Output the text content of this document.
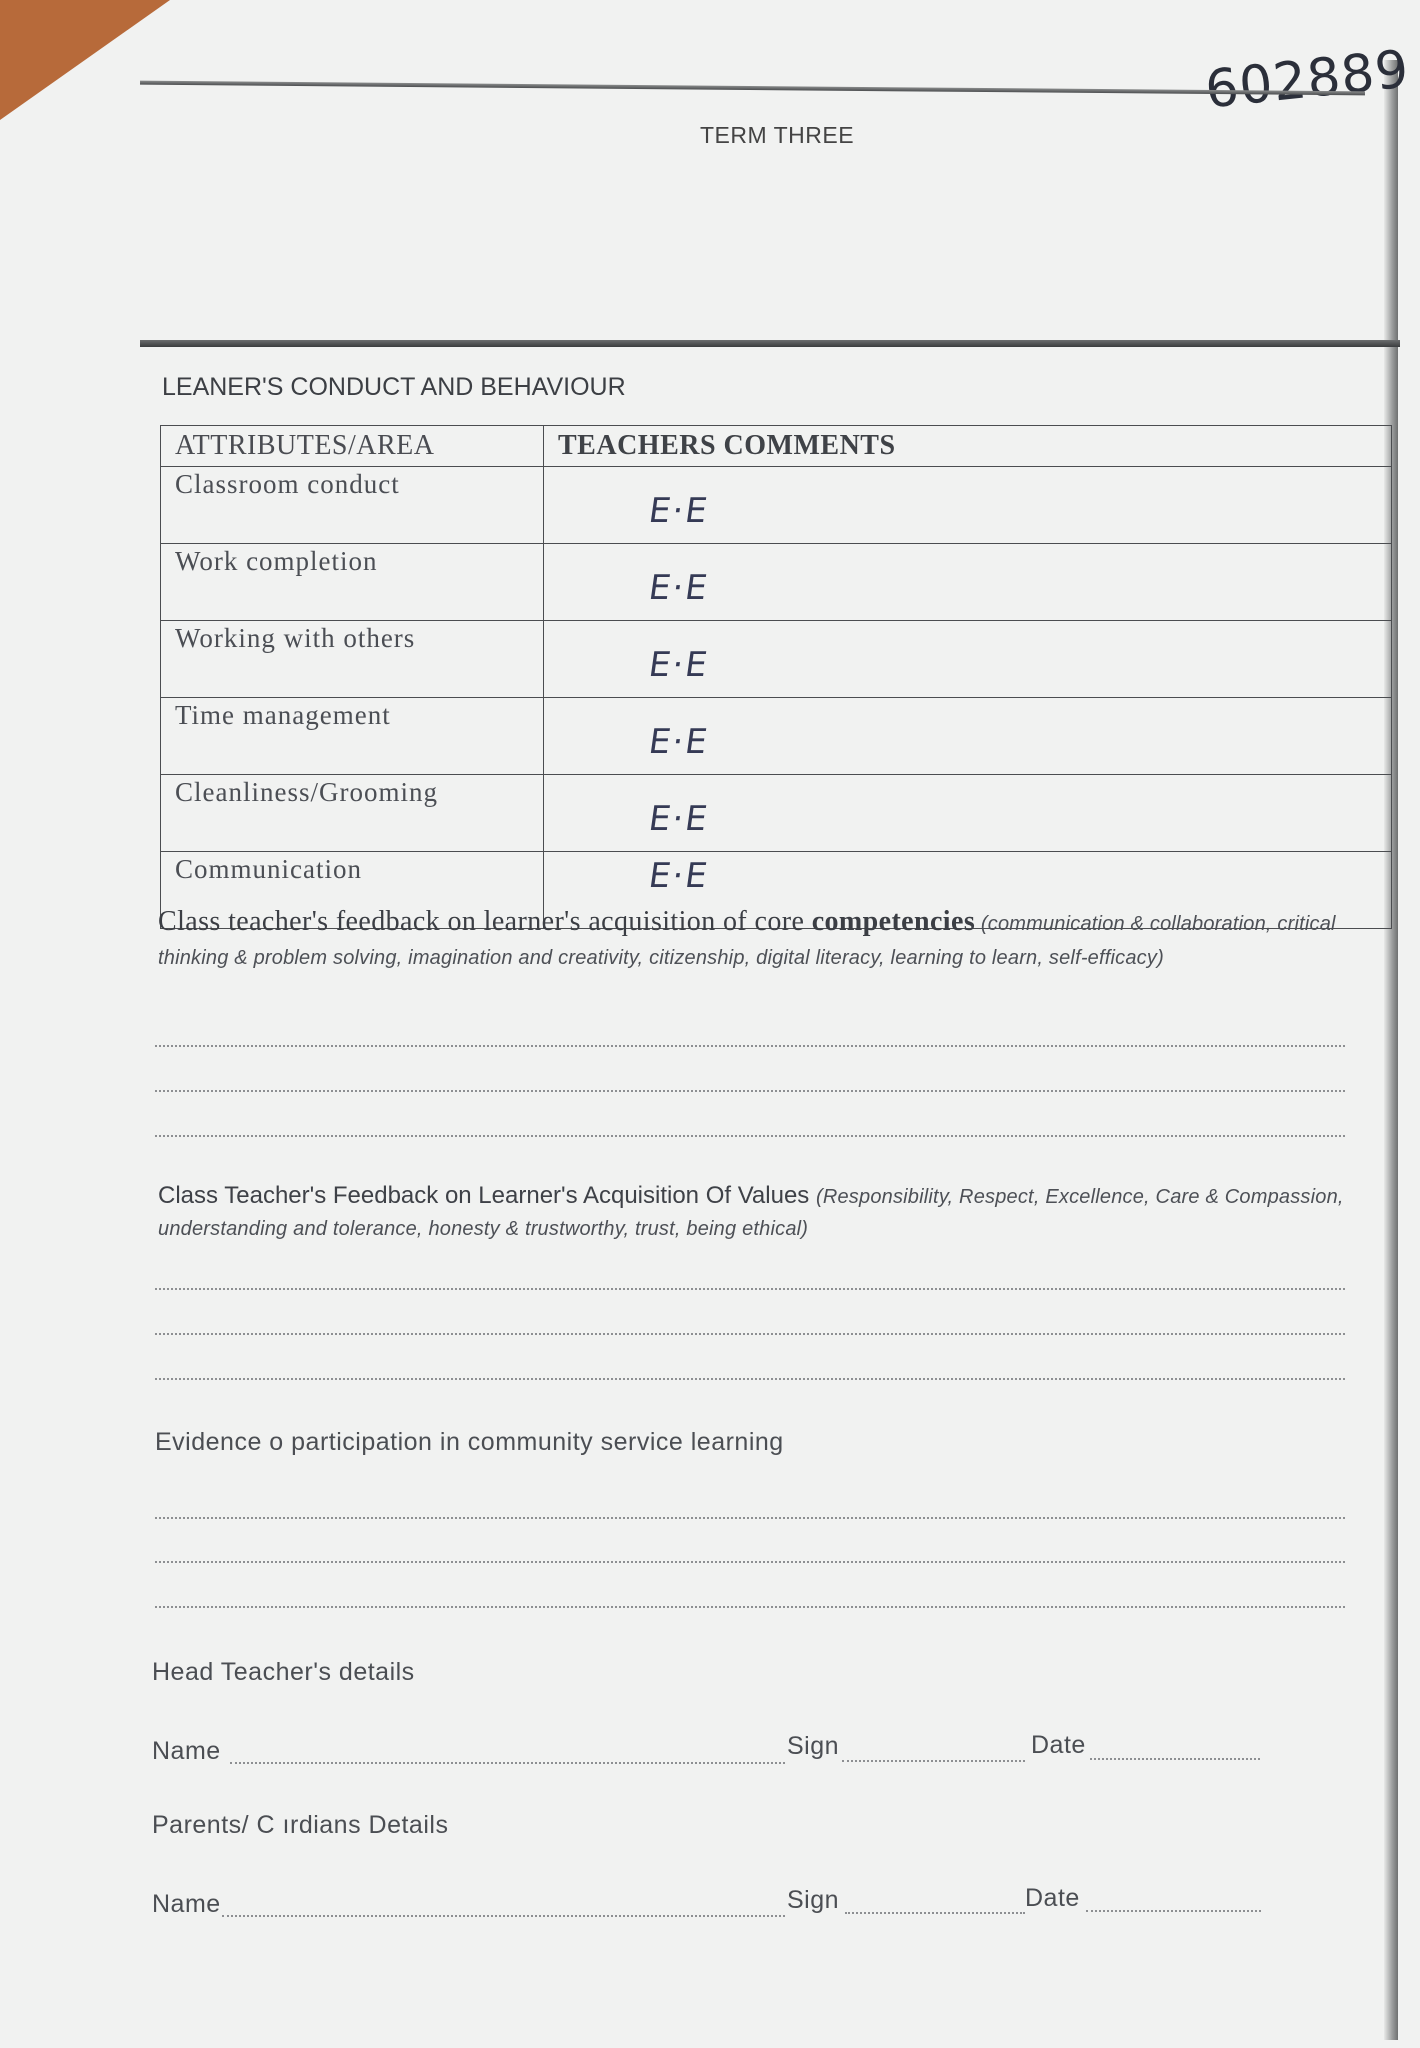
602889
TERM THREE
LEANER'S CONDUCT AND BEHAVIOUR
ATTRIBUTES/AREA	TEACHERS COMMENTS
Classroom conduct	E·E

Work completion	E·E

Working with others	E·E

Time management	E·E

Cleanliness/Grooming	E·E

Communication	E·E
Class teacher's feedback on learner's acquisition of core competencies (communication & collaboration, critical thinking & problem solving, imagination and creativity, citizenship, digital literacy, learning to learn, self-efficacy)
Class Teacher's Feedback on Learner's Acquisition Of Values (Responsibility, Respect, Excellence, Care & Compassion, understanding and tolerance, honesty & trustworthy, trust, being ethical)
Evidence o participation in community service learning
Head Teacher's details
Name	Sign	Date
Parents/ C ırdians Details
Name	Sign	Date
